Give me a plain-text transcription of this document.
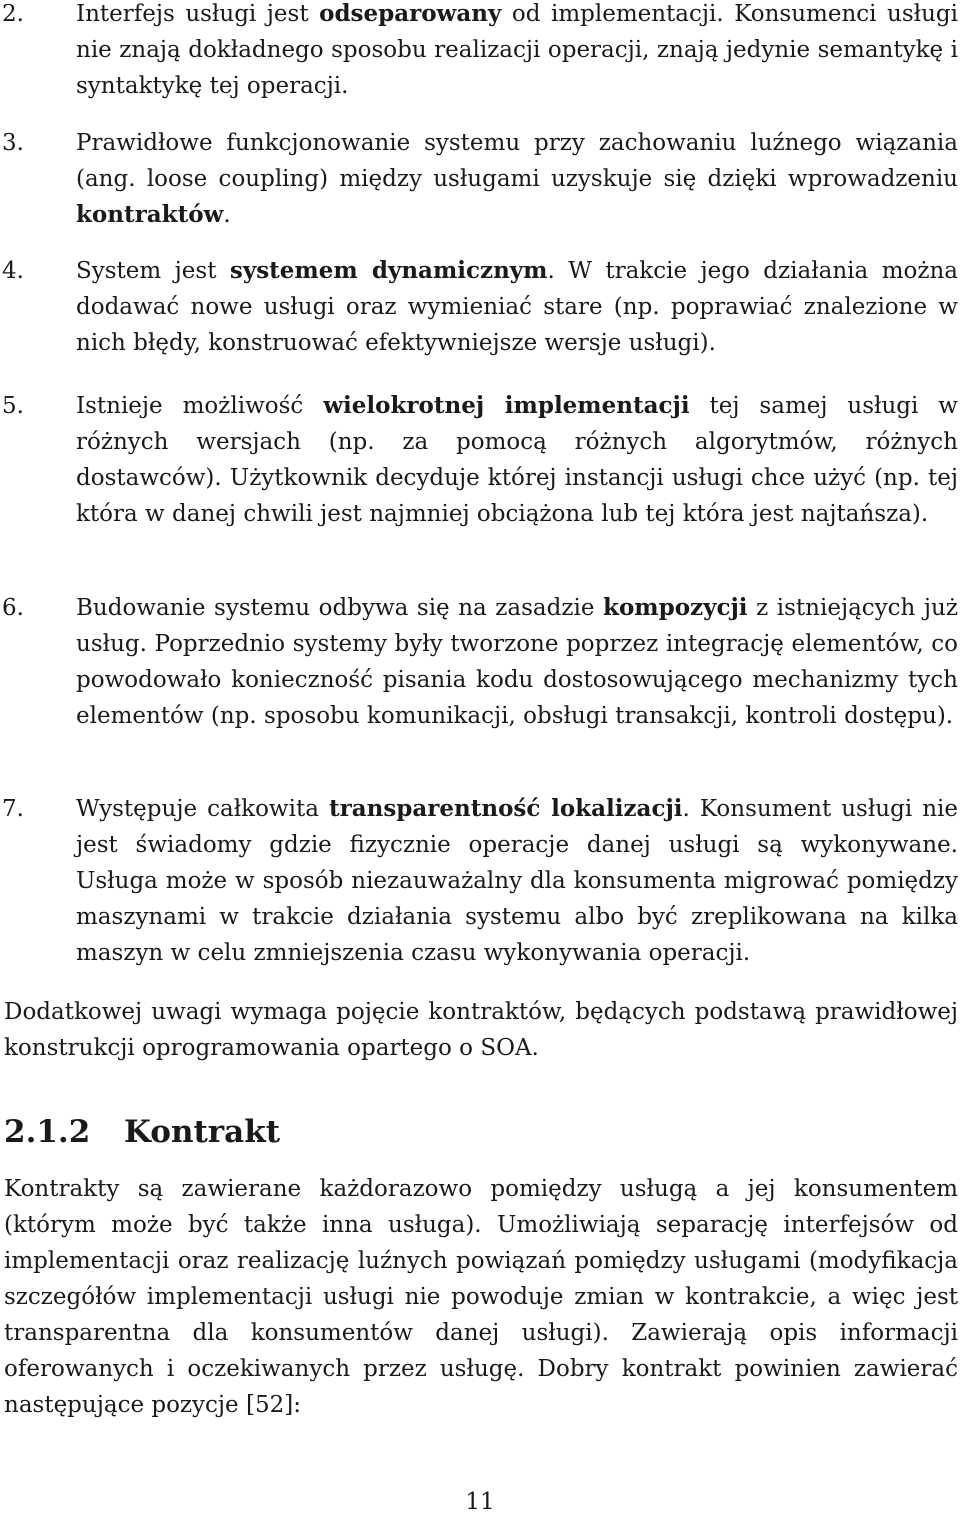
2. Interfejs usługi jest odseparowany od implementacji. Konsumenci usługi nie znają dokładnego sposobu realizacji operacji, znają jedynie semantykę i syntaktykę tej operacji.
3. Prawidłowe funkcjonowanie systemu przy zachowaniu luźnego wiązania (ang. loose coupling) między usługami uzyskuje się dzięki wprowadzeniu kontraktów.
4. System jest systemem dynamicznym. W trakcie jego działania można dodawać nowe usługi oraz wymieniać stare (np. poprawiać znalezione w nich błędy, konstruować efektywniejsze wersje usługi).
5. Istnieje możliwość wielokrotnej implementacji tej samej usługi w różnych wersjach (np. za pomocą różnych algorytmów, różnych dostawców). Użytkownik decyduje której instancji usługi chce użyć (np. tej która w danej chwili jest najmniej obciążona lub tej która jest najtańsza).
6. Budowanie systemu odbywa się na zasadzie kompozycji z istniejących już usług. Poprzednio systemy były tworzone poprzez integrację elementów, co powodowało konieczność pisania kodu dostosowującego mechanizmy tych elementów (np. sposobu komunikacji, obsługi transakcji, kontroli dostępu).
7. Występuje całkowita transparentność lokalizacji. Konsument usługi nie jest świadomy gdzie fizycznie operacje danej usługi są wykonywane. Usługa może w sposób niezauważalny dla konsumenta migrować pomiędzy maszynami w trakcie działania systemu albo być zreplikowana na kilka maszyn w celu zmniejszenia czasu wykonywania operacji.

Dodatkowej uwagi wymaga pojęcie kontraktów, będących podstawą prawidłowej konstrukcji oprogramowania opartego o SOA.

2.1.2 Kontrakt

Kontrakty są zawierane każdorazowo pomiędzy usługą a jej konsumentem (którym może być także inna usługa). Umożliwiają separację interfejsów od implementacji oraz realizację luźnych powiązań pomiędzy usługami (modyfikacja szczegółów implementacji usługi nie powoduje zmian w kontrakcie, a więc jest transparentna dla konsumentów danej usługi). Zawierają opis informacji oferowanych i oczekiwanych przez usługę. Dobry kontrakt powinien zawierać następujące pozycje [52]:

11
